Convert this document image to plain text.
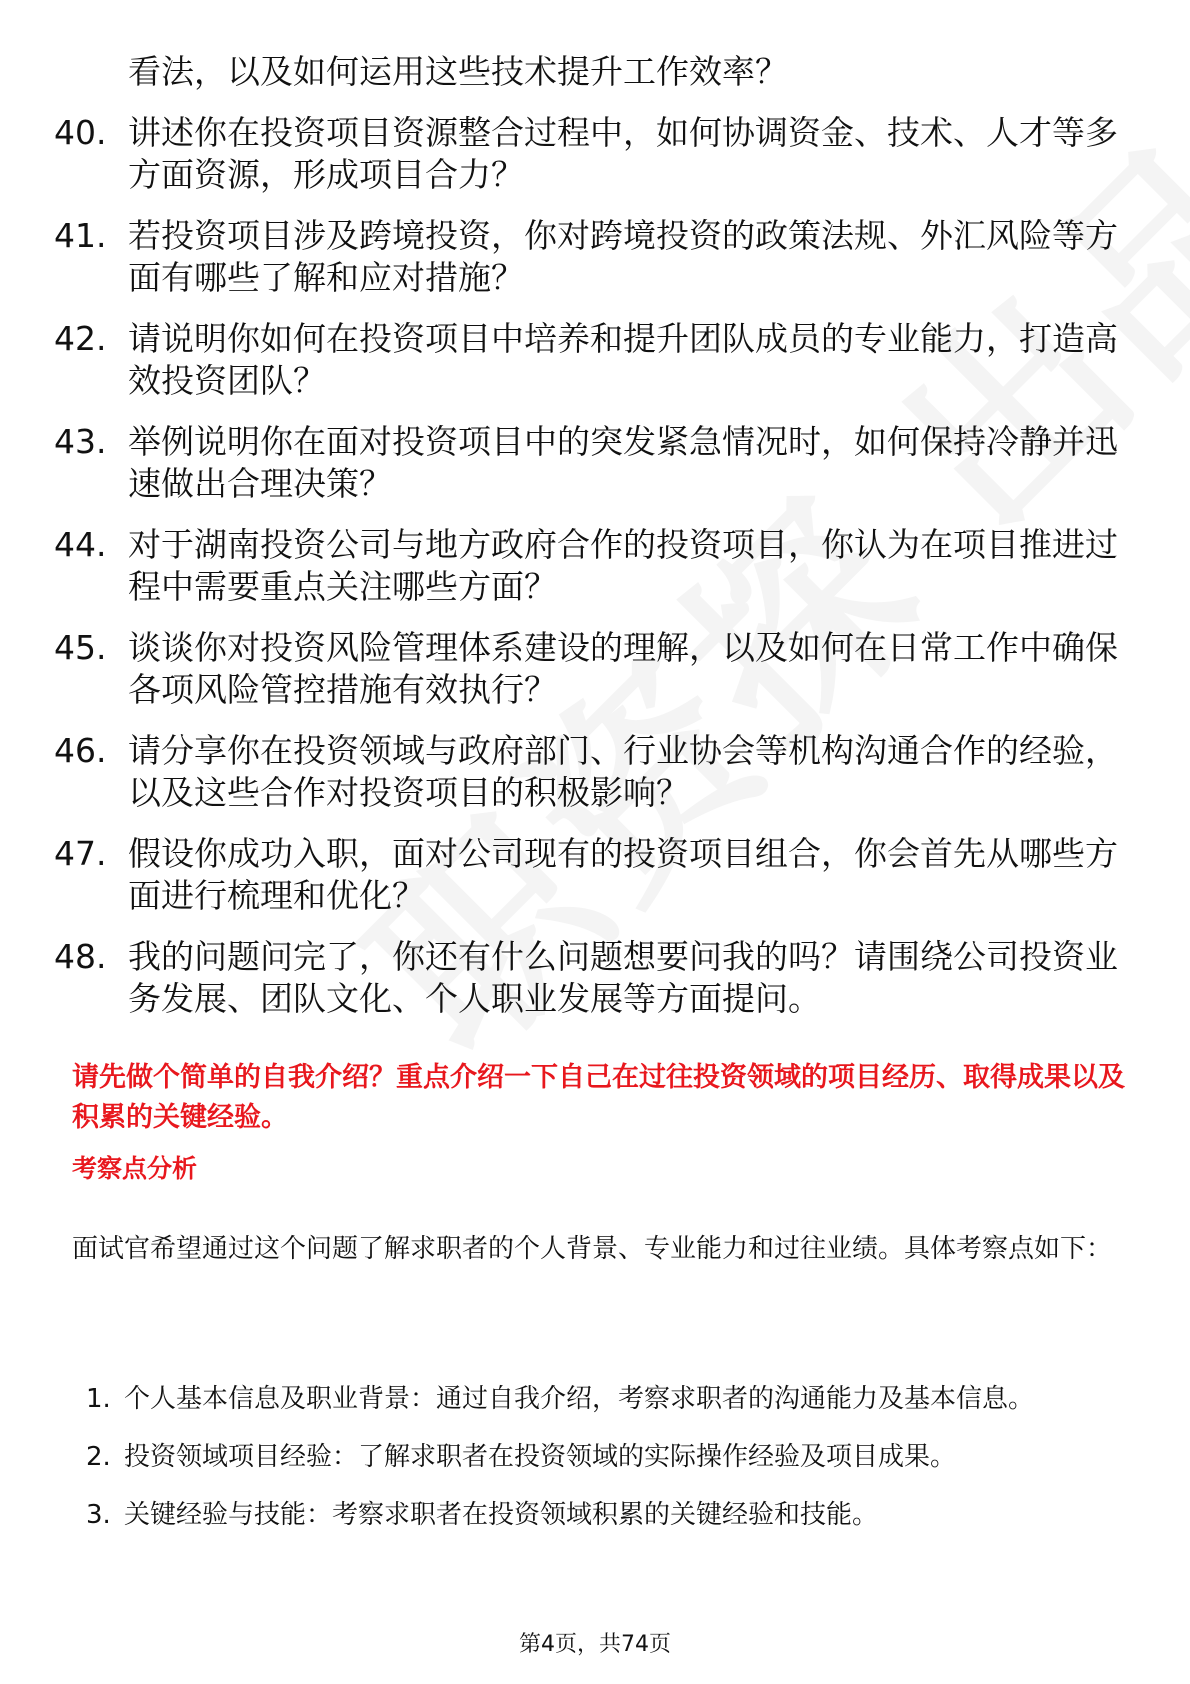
看法，以及如何运用这些技术提升工作效率？
40. 讲述你在投资项目资源整合过程中，如何协调资金、技术、人才等多方面资源，形成项目合力？
41. 若投资项目涉及跨境投资，你对跨境投资的政策法规、外汇风险等方面有哪些了解和应对措施？
42. 请说明你如何在投资项目中培养和提升团队成员的专业能力，打造高效投资团队？
43. 举例说明你在面对投资项目中的突发紧急情况时，如何保持冷静并迅速做出合理决策？
44. 对于湖南投资公司与地方政府合作的投资项目，你认为在项目推进过程中需要重点关注哪些方面？
45. 谈谈你对投资风险管理体系建设的理解，以及如何在日常工作中确保各项风险管控措施有效执行？
46. 请分享你在投资领域与政府部门、行业协会等机构沟通合作的经验，以及这些合作对投资项目的积极影响？
47. 假设你成功入职，面对公司现有的投资项目组合，你会首先从哪些方面进行梳理和优化？
48. 我的问题问完了，你还有什么问题想要问我的吗？请围绕公司投资业务发展、团队文化、个人职业发展等方面提问。
请先做个简单的自我介绍？重点介绍一下自己在过往投资领域的项目经历、取得成果以及积累的关键经验。
考察点分析
面试官希望通过这个问题了解求职者的个人背景、专业能力和过往业绩。具体考察点如下：
1. 个人基本信息及职业背景：通过自我介绍，考察求职者的沟通能力及基本信息。
2. 投资领域项目经验：了解求职者在投资领域的实际操作经验及项目成果。
3. 关键经验与技能：考察求职者在投资领域积累的关键经验和技能。
第4页，共74页
